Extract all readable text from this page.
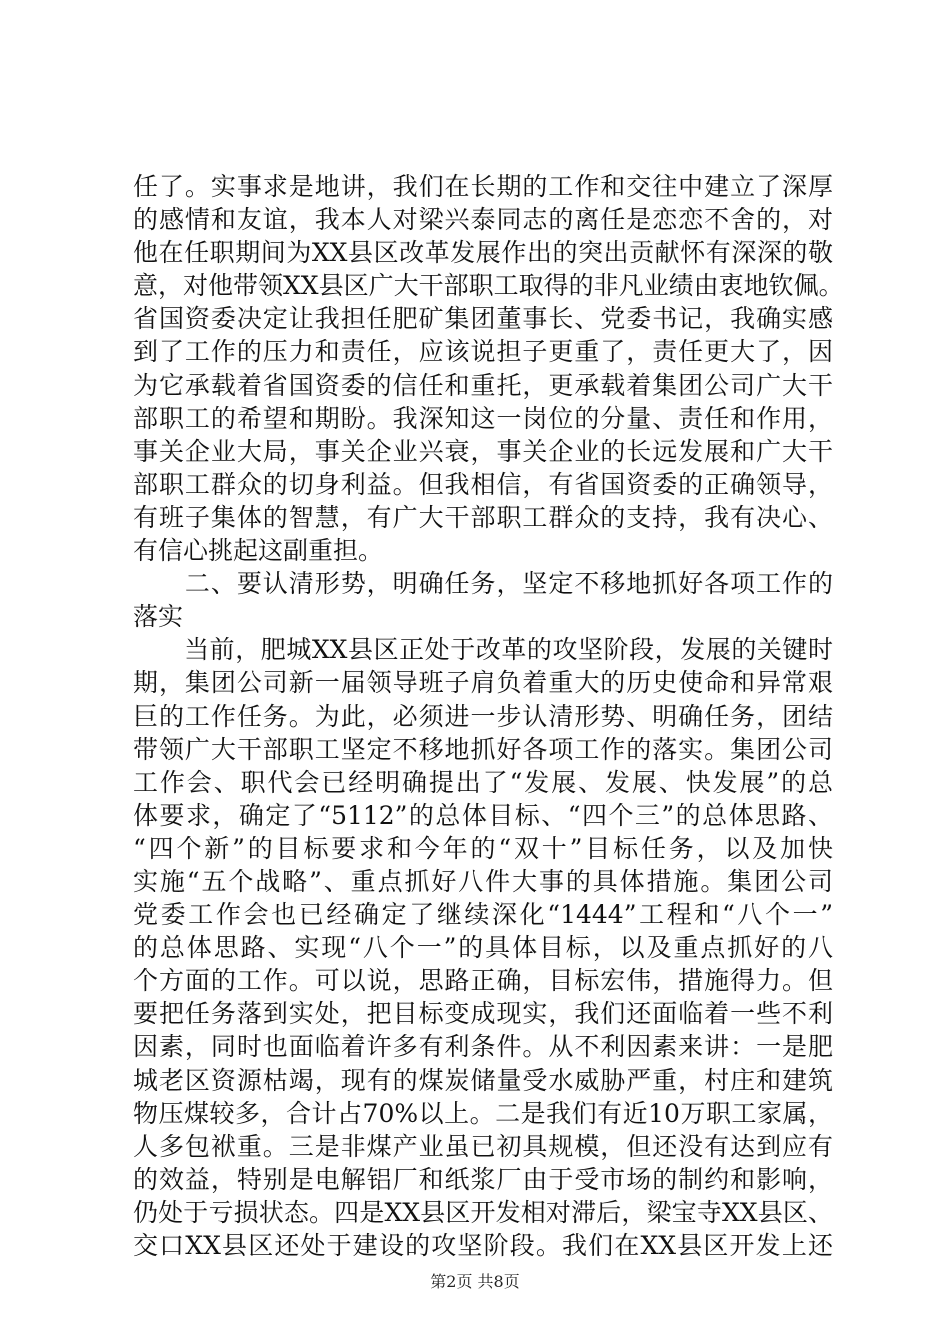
任了。实事求是地讲，我们在长期的工作和交往中建立了深厚
的感情和友谊，我本人对梁兴泰同志的离任是恋恋不舍的，对
他在任职期间为XX县区改革发展作出的突出贡献怀有深深的敬
意，对他带领XX县区广大干部职工取得的非凡业绩由衷地钦佩。
省国资委决定让我担任肥矿集团董事长、党委书记，我确实感
到了工作的压力和责任，应该说担子更重了，责任更大了，因
为它承载着省国资委的信任和重托，更承载着集团公司广大干
部职工的希望和期盼。我深知这一岗位的分量、责任和作用，
事关企业大局，事关企业兴衰，事关企业的长远发展和广大干
部职工群众的切身利益。但我相信，有省国资委的正确领导，
有班子集体的智慧，有广大干部职工群众的支持，我有决心、
有信心挑起这副重担。
　　二、要认清形势，明确任务，坚定不移地抓好各项工作的
落实
　　当前，肥城XX县区正处于改革的攻坚阶段，发展的关键时
期，集团公司新一届领导班子肩负着重大的历史使命和异常艰
巨的工作任务。为此，必须进一步认清形势、明确任务，团结
带领广大干部职工坚定不移地抓好各项工作的落实。集团公司
工作会、职代会已经明确提出了“发展、发展、快发展”的总
体要求，确定了“5112”的总体目标、“四个三”的总体思路、
“四个新”的目标要求和今年的“双十”目标任务，以及加快
实施“五个战略”、重点抓好八件大事的具体措施。集团公司
党委工作会也已经确定了继续深化“1444”工程和“八个一”
的总体思路、实现“八个一”的具体目标，以及重点抓好的八
个方面的工作。可以说，思路正确，目标宏伟，措施得力。但
要把任务落到实处，把目标变成现实，我们还面临着一些不利
因素，同时也面临着许多有利条件。从不利因素来讲：一是肥
城老区资源枯竭，现有的煤炭储量受水威胁严重，村庄和建筑
物压煤较多，合计占70%以上。二是我们有近10万职工家属，
人多包袱重。三是非煤产业虽已初具规模，但还没有达到应有
的效益，特别是电解铝厂和纸浆厂由于受市场的制约和影响，
仍处于亏损状态。四是XX县区开发相对滞后，梁宝寺XX县区、
交口XX县区还处于建设的攻坚阶段。我们在XX县区开发上还
第2页 共8页
